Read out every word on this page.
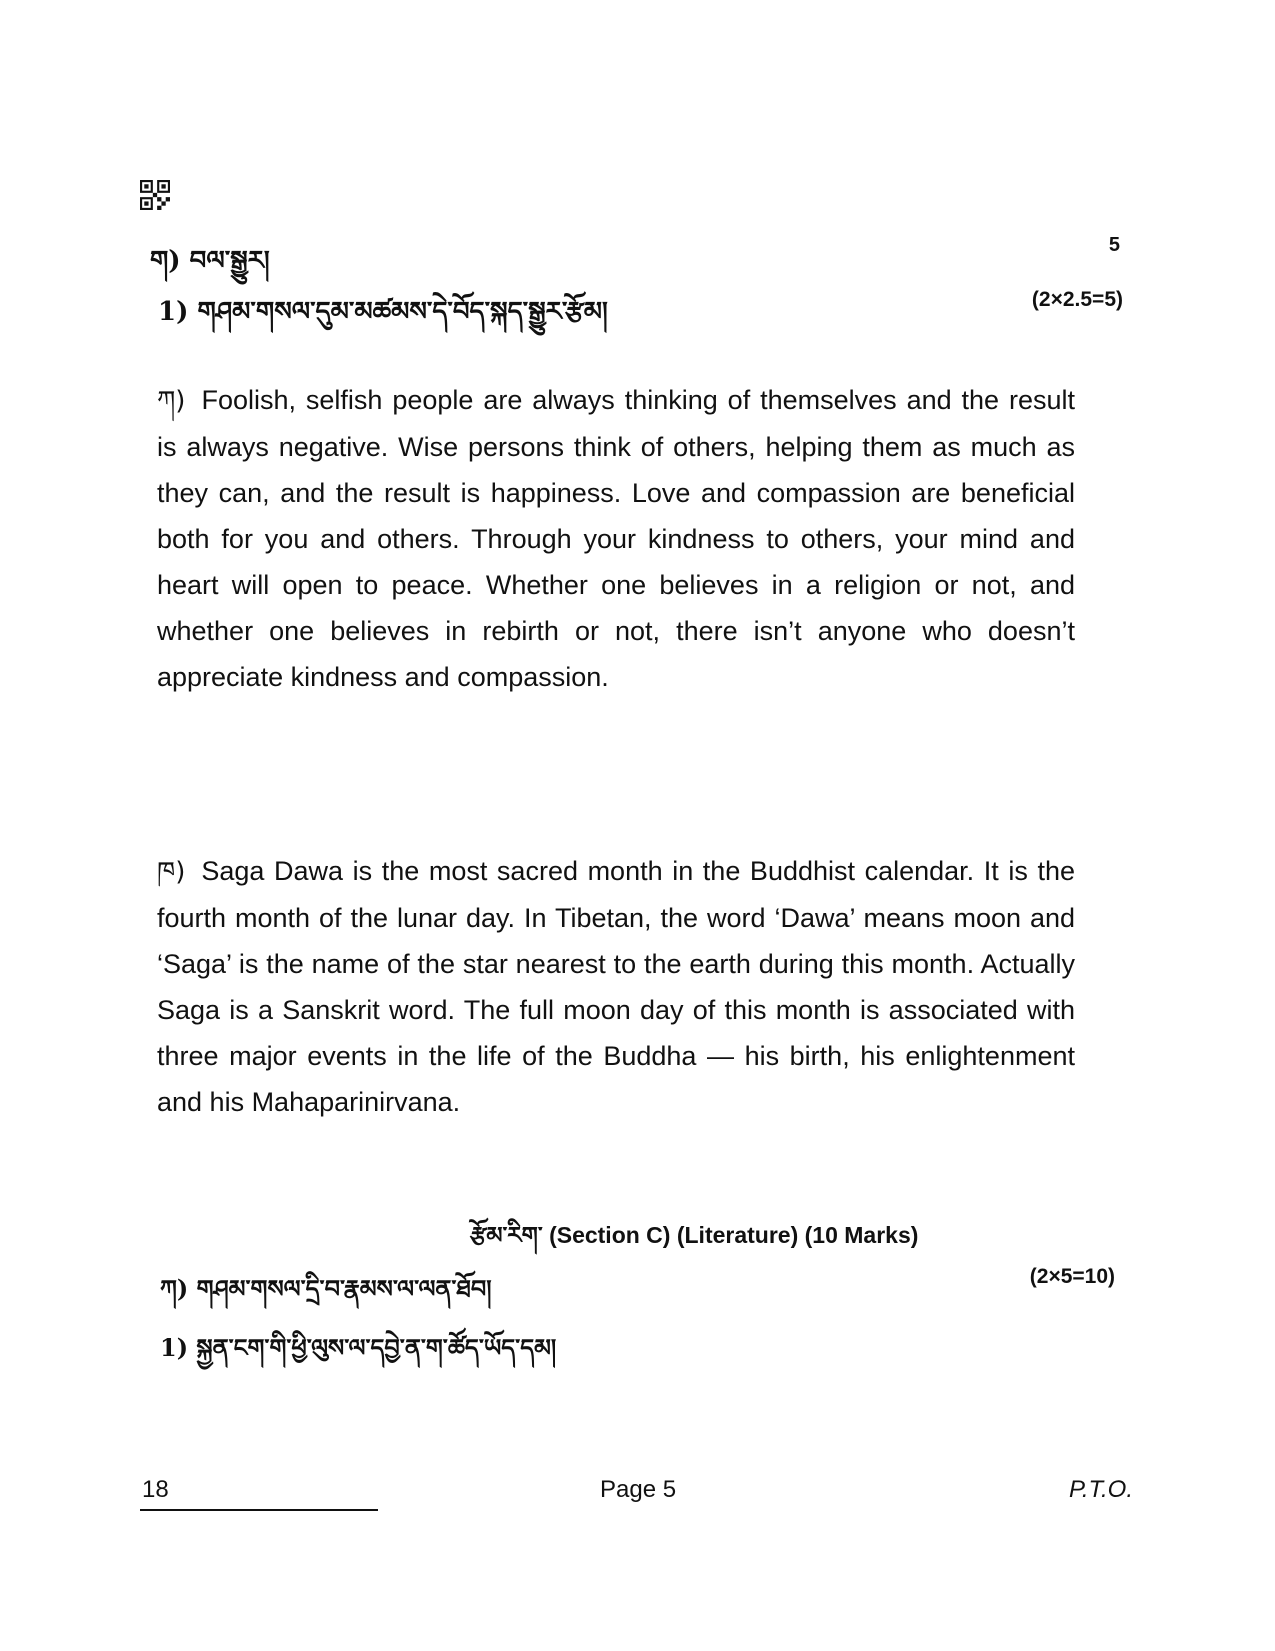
ག) བལ་སྒྱུར།
5
1) གཤམ་གསལ་དུམ་མཚམས་དེ་བོད་སྐད་སྒྱུར་རྩོམ།	(2×2.5=5)
ཀ) Foolish, selfish people are always thinking of themselves and the result is always negative. Wise persons think of others, helping them as much as they can, and the result is happiness. Love and compassion are beneficial both for you and others. Through your kindness to others, your mind and heart will open to peace. Whether one believes in a religion or not, and whether one believes in rebirth or not, there isn’t anyone who doesn’t appreciate kindness and compassion.
ཁ) Saga Dawa is the most sacred month in the Buddhist calendar. It is the fourth month of the lunar day. In Tibetan, the word ‘Dawa’ means moon and ‘Saga’ is the name of the star nearest to the earth during this month. Actually Saga is a Sanskrit word. The full moon day of this month is associated with three major events in the life of the Buddha — his birth, his enlightenment and his Mahaparinirvana.
རྩོམ་རིག་ (Section C) (Literature) (10 Marks)
ཀ) གཤམ་གསལ་དྲི་བ་རྣམས་ལ་ལན་ཐོབ།	(2×5=10)
1) སྐྱན་ངག་གི་ཕྱི་ལུས་ལ་དབྱེ་ན་ག་ཚོད་ཡོད་དམ།
18	Page 5	P.T.O.
